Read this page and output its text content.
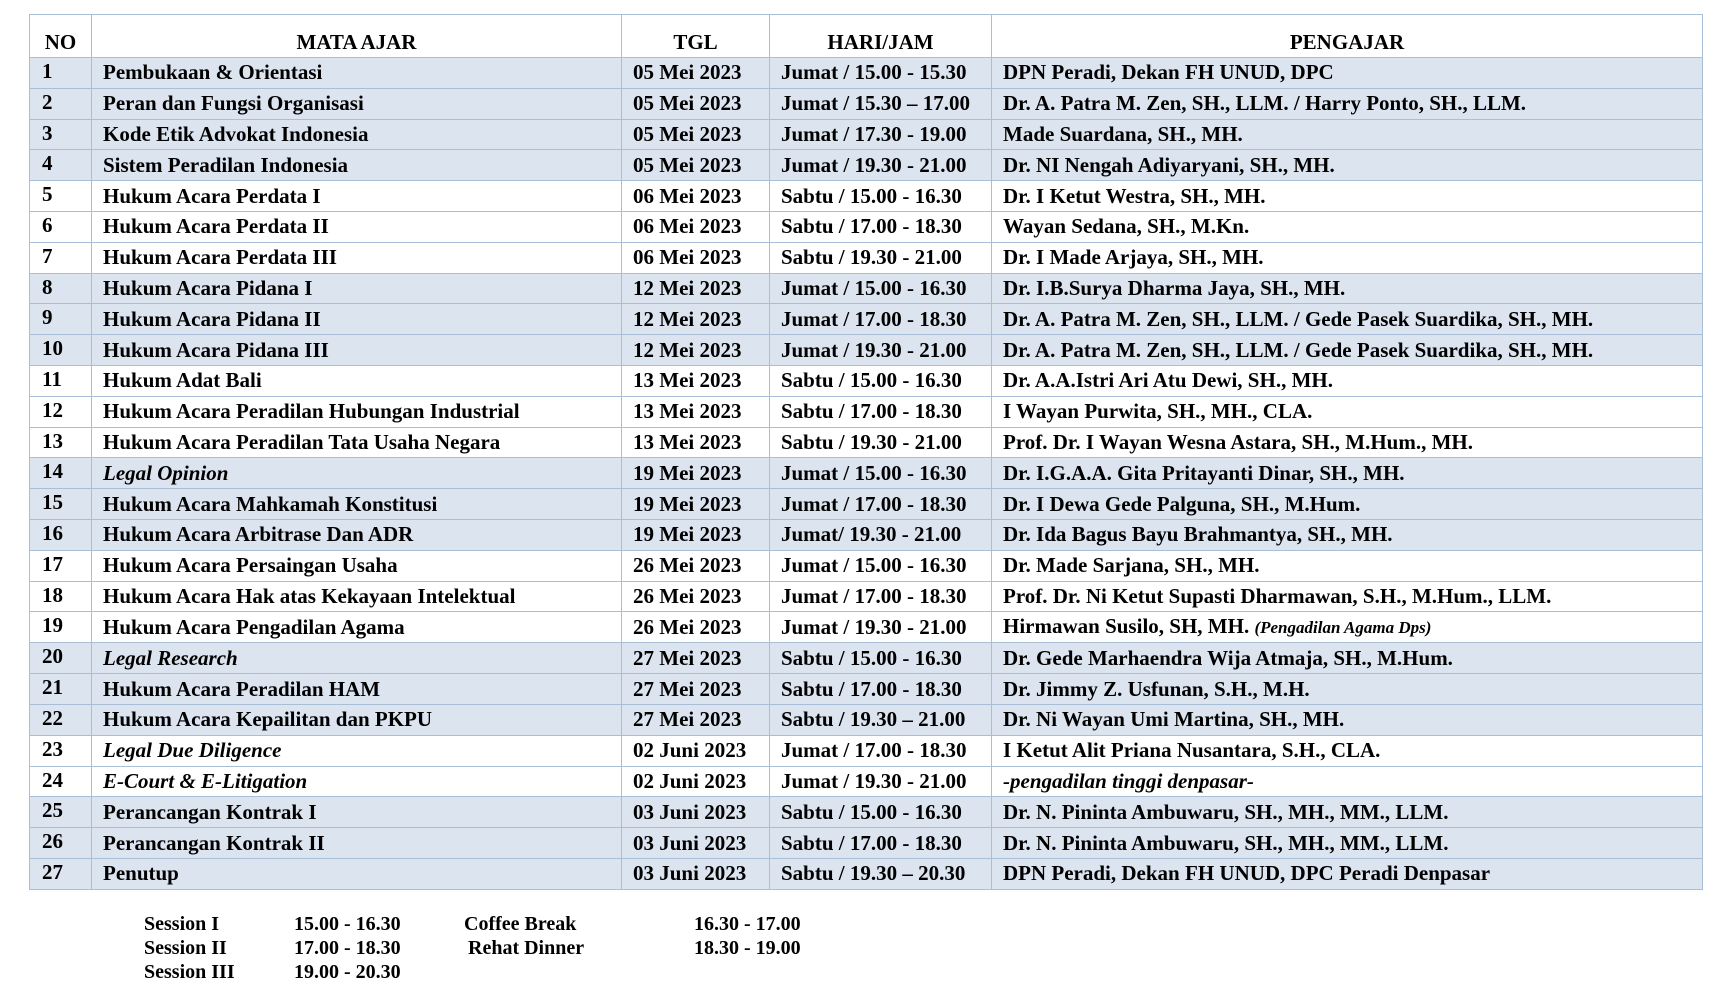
NO	MATA AJAR	TGL	HARI/JAM	PENGAJAR
1	Pembukaan & Orientasi	05 Mei 2023	Jumat / 15.00 - 15.30	DPN Peradi, Dekan FH UNUD, DPC
2	Peran dan Fungsi Organisasi	05 Mei 2023	Jumat / 15.30 – 17.00	Dr. A. Patra M. Zen, SH., LLM. / Harry Ponto, SH., LLM.
3	Kode Etik Advokat Indonesia	05 Mei 2023	Jumat / 17.30 - 19.00	Made Suardana, SH., MH.
4	Sistem Peradilan Indonesia	05 Mei 2023	Jumat / 19.30 - 21.00	Dr. NI Nengah Adiyaryani, SH., MH.
5	Hukum Acara Perdata I	06 Mei 2023	Sabtu / 15.00 - 16.30	Dr. I Ketut Westra, SH., MH.
6	Hukum Acara Perdata II	06 Mei 2023	Sabtu / 17.00 - 18.30	Wayan Sedana, SH., M.Kn.
7	Hukum Acara Perdata III	06 Mei 2023	Sabtu / 19.30 - 21.00	Dr. I Made Arjaya, SH., MH.
8	Hukum Acara Pidana I	12 Mei 2023	Jumat / 15.00 - 16.30	Dr. I.B.Surya Dharma Jaya, SH., MH.
9	Hukum Acara Pidana II	12 Mei 2023	Jumat / 17.00 - 18.30	Dr. A. Patra M. Zen, SH., LLM. / Gede Pasek Suardika, SH., MH.
10	Hukum Acara Pidana III	12 Mei 2023	Jumat / 19.30 - 21.00	Dr. A. Patra M. Zen, SH., LLM. / Gede Pasek Suardika, SH., MH.
11	Hukum Adat Bali	13 Mei 2023	Sabtu / 15.00 - 16.30	Dr. A.A.Istri Ari Atu Dewi, SH., MH.
12	Hukum Acara Peradilan Hubungan Industrial	13 Mei 2023	Sabtu / 17.00 - 18.30	I Wayan Purwita, SH., MH., CLA.
13	Hukum Acara Peradilan Tata Usaha Negara	13 Mei 2023	Sabtu / 19.30 - 21.00	Prof. Dr. I Wayan Wesna Astara, SH., M.Hum., MH.
14	Legal Opinion	19 Mei 2023	Jumat / 15.00 - 16.30	Dr. I.G.A.A. Gita Pritayanti Dinar, SH., MH.
15	Hukum Acara Mahkamah Konstitusi	19 Mei 2023	Jumat / 17.00 - 18.30	Dr. I Dewa Gede Palguna, SH., M.Hum.
16	Hukum Acara Arbitrase Dan ADR	19 Mei 2023	Jumat/ 19.30 - 21.00	Dr. Ida Bagus Bayu Brahmantya, SH., MH.
17	Hukum Acara Persaingan Usaha	26 Mei 2023	Jumat / 15.00 - 16.30	Dr. Made Sarjana, SH., MH.
18	Hukum Acara Hak atas Kekayaan Intelektual	26 Mei 2023	Jumat / 17.00 - 18.30	Prof. Dr. Ni Ketut Supasti Dharmawan, S.H., M.Hum., LLM.
19	Hukum Acara Pengadilan Agama	26 Mei 2023	Jumat / 19.30 - 21.00	Hirmawan Susilo, SH, MH. (Pengadilan Agama Dps)
20	Legal Research	27 Mei 2023	Sabtu / 15.00 - 16.30	Dr. Gede Marhaendra Wija Atmaja, SH., M.Hum.
21	Hukum Acara Peradilan HAM	27 Mei 2023	Sabtu / 17.00 - 18.30	Dr. Jimmy Z. Usfunan, S.H., M.H.
22	Hukum Acara Kepailitan dan PKPU	27 Mei 2023	Sabtu / 19.30 – 21.00	Dr. Ni Wayan Umi Martina, SH., MH.
23	Legal Due Diligence	02 Juni 2023	Jumat / 17.00 - 18.30	I Ketut Alit Priana Nusantara, S.H., CLA.
24	E-Court & E-Litigation	02 Juni 2023	Jumat / 19.30 - 21.00	-pengadilan tinggi denpasar-
25	Perancangan Kontrak I	03 Juni 2023	Sabtu / 15.00 - 16.30	Dr. N. Pininta Ambuwaru, SH., MH., MM., LLM.
26	Perancangan Kontrak II	03 Juni 2023	Sabtu / 17.00 - 18.30	Dr. N. Pininta Ambuwaru, SH., MH., MM., LLM.
27	Penutup	03 Juni 2023	Sabtu / 19.30 – 20.30	DPN Peradi, Dekan FH UNUD, DPC Peradi Denpasar
Session I	15.00 - 16.30	Coffee Break	16.30 - 17.00
Session II	17.00 - 18.30	Rehat Dinner	18.30 - 19.00
Session III	19.00 - 20.30
